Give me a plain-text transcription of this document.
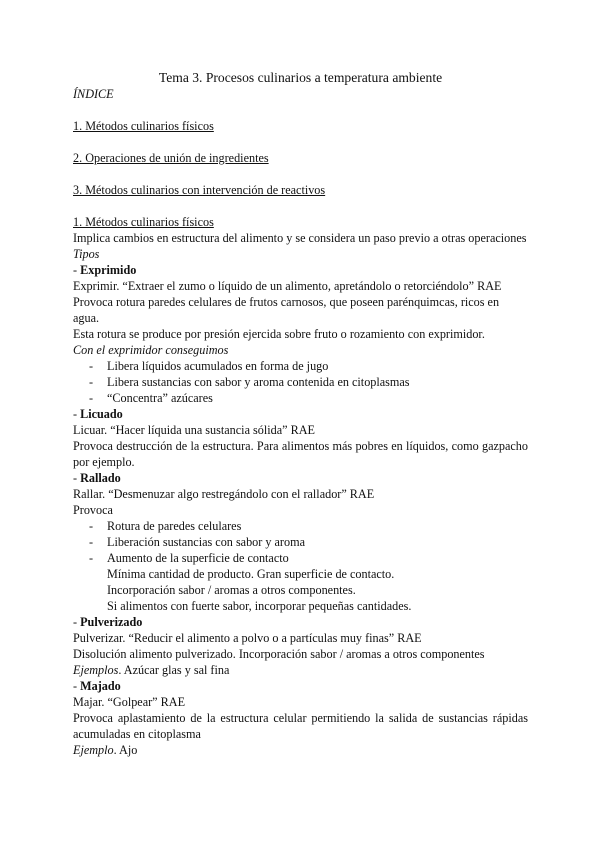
Tema 3. Procesos culinarios a temperatura ambiente

ÍNDICE

1. Métodos culinarios físicos

2. Operaciones de unión de ingredientes

3. Métodos culinarios con intervención de reactivos

1. Métodos culinarios físicos

Implica cambios en estructura del alimento y se considera un paso previo a otras operaciones

Tipos

- Exprimido

Exprimir. “Extraer el zumo o líquido de un alimento, apretándolo o retorciéndolo” RAE

Provoca rotura paredes celulares de frutos carnosos, que poseen parénquimcas, ricos en agua.

Esta rotura se produce por presión ejercida sobre fruto o rozamiento con exprimidor.

Con el exprimidor conseguimos

- Libera líquidos acumulados en forma de jugo
- Libera sustancias con sabor y aroma contenida en citoplasmas
- “Concentra” azúcares

- Licuado

Licuar. “Hacer líquida una sustancia sólida” RAE

Provoca destrucción de la estructura. Para alimentos más pobres en líquidos, como gazpacho por ejemplo.

- Rallado

Rallar. “Desmenuzar algo restregándolo con el rallador” RAE

Provoca

- Rotura de paredes celulares
- Liberación sustancias con sabor y aroma
- Aumento de la superficie de contacto

Mínima cantidad de producto. Gran superficie de contacto.

Incorporación sabor / aromas a otros componentes.

Si alimentos con fuerte sabor, incorporar pequeñas cantidades.

- Pulverizado

Pulverizar. “Reducir el alimento a polvo o a partículas muy finas” RAE

Disolución alimento pulverizado. Incorporación sabor / aromas a otros componentes

Ejemplos. Azúcar glas y sal fina

- Majado

Majar. “Golpear” RAE

Provoca aplastamiento de la estructura celular permitiendo la salida de sustancias rápidas acumuladas en citoplasma

Ejemplo. Ajo
